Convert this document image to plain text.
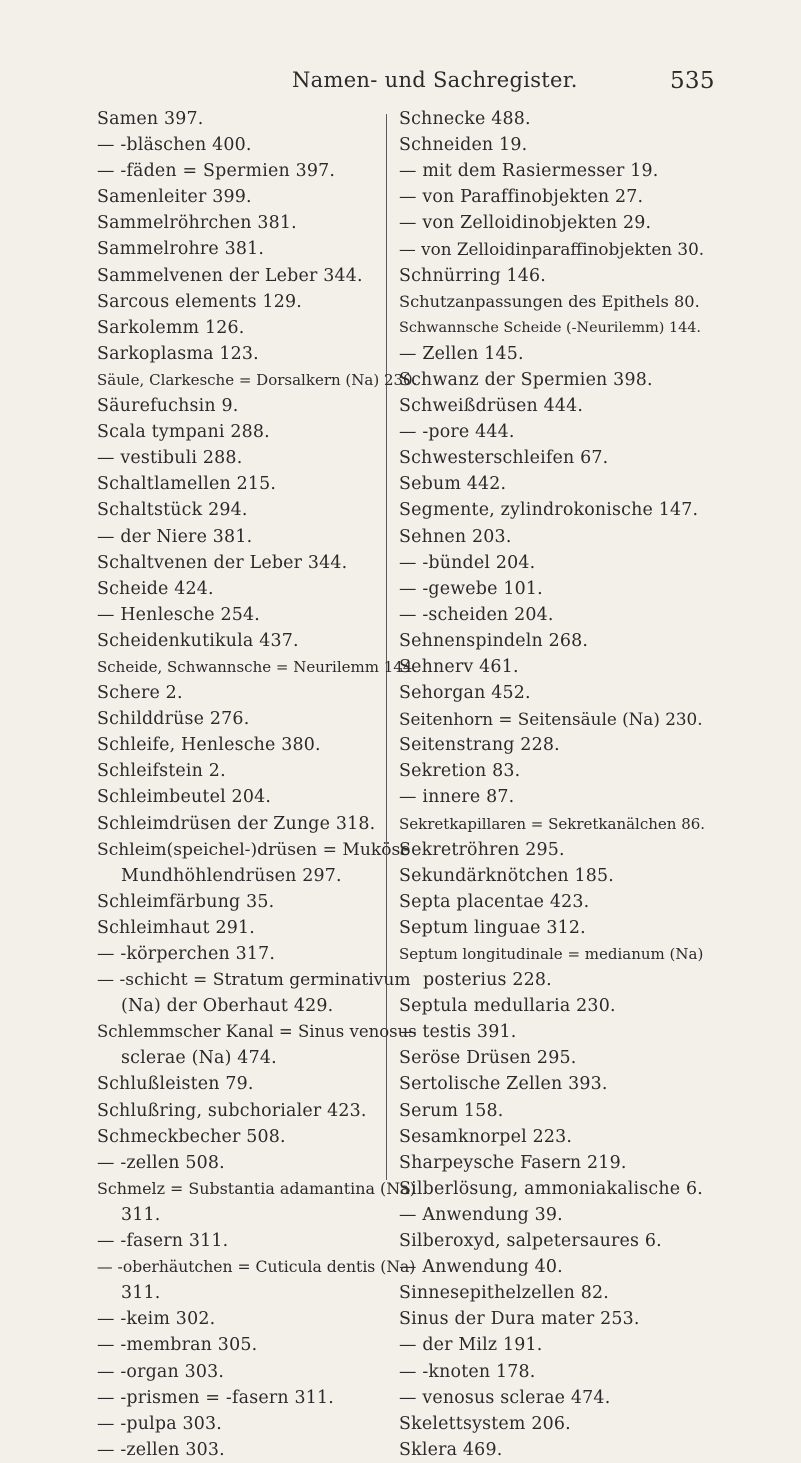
Namen- und Sachregister.	535
Samen 397.
— -bläschen 400.
— -fäden = Spermien 397.
Samenleiter 399.
Sammelröhrchen 381.
Sammelrohre 381.
Sammelvenen der Leber 344.
Sarcous elements 129.
Sarkolemm 126.
Sarkoplasma 123.
Säule, Clarkesche = Dorsalkern (Na) 230.
Säurefuchsin 9.
Scala tympani 288.
— vestibuli 288.
Schaltlamellen 215.
Schaltstück 294.
— der Niere 381.
Schaltvenen der Leber 344.
Scheide 424.
— Henlesche 254.
Scheidenkutikula 437.
Scheide, Schwannsche = Neurilemm 144.
Schere 2.
Schilddrüse 276.
Schleife, Henlesche 380.
Schleifstein 2.
Schleimbeutel 204.
Schleimdrüsen der Zunge 318.
Schleim(speichel-)drüsen = Muköse
Mundhöhlendrüsen 297.
Schleimfärbung 35.
Schleimhaut 291.
— -körperchen 317.
— -schicht = Stratum germinativum
(Na) der Oberhaut 429.
Schlemmscher Kanal = Sinus venosus
sclerae (Na) 474.
Schlußleisten 79.
Schlußring, subchorialer 423.
Schmeckbecher 508.
— -zellen 508.
Schmelz = Substantia adamantina (Na)
311.
— -fasern 311.
— -oberhäutchen = Cuticula dentis (Na)
311.
— -keim 302.
— -membran 305.
— -organ 303.
— -prismen = -fasern 311.
— -pulpa 303.
— -zellen 303.
Schnecke 488.
Schneiden 19.
— mit dem Rasiermesser 19.
— von Paraffinobjekten 27.
— von Zelloidinobjekten 29.
— von Zelloidinparaffinobjekten 30.
Schnürring 146.
Schutzanpassungen des Epithels 80.
Schwannsche Scheide (-Neurilemm) 144.
— Zellen 145.
Schwanz der Spermien 398.
Schweißdrüsen 444.
— -pore 444.
Schwesterschleifen 67.
Sebum 442.
Segmente, zylindrokonische 147.
Sehnen 203.
— -bündel 204.
— -gewebe 101.
— -scheiden 204.
Sehnenspindeln 268.
Sehnerv 461.
Sehorgan 452.
Seitenhorn = Seitensäule (Na) 230.
Seitenstrang 228.
Sekretion 83.
— innere 87.
Sekretkapillaren = Sekretkanälchen 86.
Sekretröhren 295.
Sekundärknötchen 185.
Septa placentae 423.
Septum linguae 312.
Septum longitudinale = medianum (Na)
posterius 228.
Septula medullaria 230.
— testis 391.
Seröse Drüsen 295.
Sertolische Zellen 393.
Serum 158.
Sesamknorpel 223.
Sharpeysche Fasern 219.
Silberlösung, ammoniakalische 6.
— Anwendung 39.
Silberoxyd, salpetersaures 6.
— Anwendung 40.
Sinnesepithelzellen 82.
Sinus der Dura mater 253.
— der Milz 191.
— -knoten 178.
— venosus sclerae 474.
Skelettsystem 206.
Sklera 469.
